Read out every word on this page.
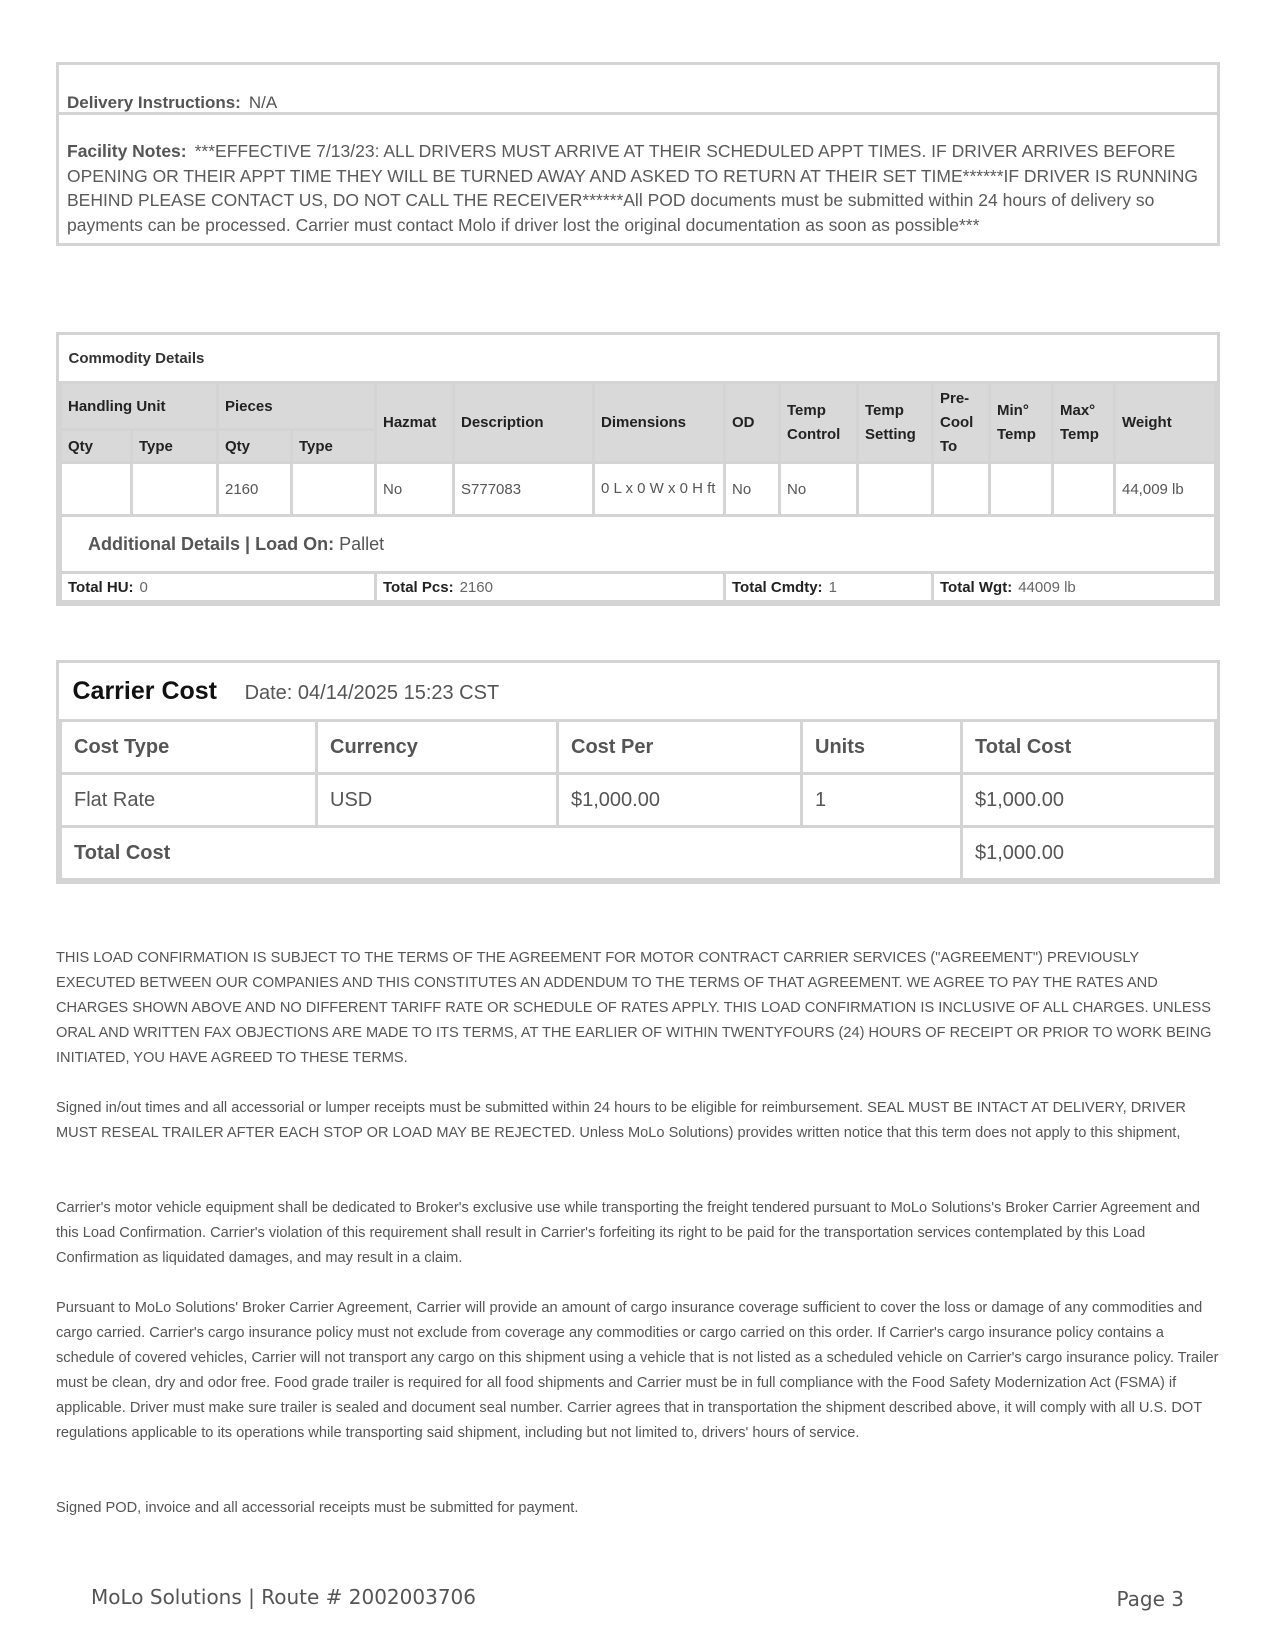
Delivery Instructions: N/A
Facility Notes: ***EFFECTIVE 7/13/23: ALL DRIVERS MUST ARRIVE AT THEIR SCHEDULED APPT TIMES. IF DRIVER ARRIVES BEFORE OPENING OR THEIR APPT TIME THEY WILL BE TURNED AWAY AND ASKED TO RETURN AT THEIR SET TIME******IF DRIVER IS RUNNING BEHIND PLEASE CONTACT US, DO NOT CALL THE RECEIVER******All POD documents must be submitted within 24 hours of delivery so payments can be processed. Carrier must contact Molo if driver lost the original documentation as soon as possible***
Commodity Details													
Handling Unit		Pieces		Hazmat	Description	Dimensions	OD	Temp Control	Temp Setting	Pre-Cool To	Min° Temp	Max° Temp	Weight
Qty	Type	Qty	Type										
		2160		No	S777083	0 L x 0 W x 0 H ft	No	No					44,009 lb
Additional Details | Load On: Pallet													
Total HU: 0				Total Pcs: 2160			Total Cmdty: 1			Total Wgt: 44009 lb			
Carrier Cost Date: 04/14/2025 15:23 CST				
Cost Type	Currency	Cost Per	Units	Total Cost
Flat Rate	USD	$1,000.00	1	$1,000.00
Total Cost				$1,000.00

THIS LOAD CONFIRMATION IS SUBJECT TO THE TERMS OF THE AGREEMENT FOR MOTOR CONTRACT CARRIER SERVICES ("AGREEMENT") PREVIOUSLY EXECUTED BETWEEN OUR COMPANIES AND THIS CONSTITUTES AN ADDENDUM TO THE TERMS OF THAT AGREEMENT. WE AGREE TO PAY THE RATES AND CHARGES SHOWN ABOVE AND NO DIFFERENT TARIFF RATE OR SCHEDULE OF RATES APPLY. THIS LOAD CONFIRMATION IS INCLUSIVE OF ALL CHARGES. UNLESS ORAL AND WRITTEN FAX OBJECTIONS ARE MADE TO ITS TERMS, AT THE EARLIER OF WITHIN TWENTYFOURS (24) HOURS OF RECEIPT OR PRIOR TO WORK BEING INITIATED, YOU HAVE AGREED TO THESE TERMS.

Signed in/out times and all accessorial or lumper receipts must be submitted within 24 hours to be eligible for reimbursement. SEAL MUST BE INTACT AT DELIVERY, DRIVER MUST RESEAL TRAILER AFTER EACH STOP OR LOAD MAY BE REJECTED. Unless MoLo Solutions) provides written notice that this term does not apply to this shipment,

Carrier's motor vehicle equipment shall be dedicated to Broker's exclusive use while transporting the freight tendered pursuant to MoLo Solutions's Broker Carrier Agreement and this Load Confirmation. Carrier's violation of this requirement shall result in Carrier's forfeiting its right to be paid for the transportation services contemplated by this Load Confirmation as liquidated damages, and may result in a claim.

Pursuant to MoLo Solutions' Broker Carrier Agreement, Carrier will provide an amount of cargo insurance coverage sufficient to cover the loss or damage of any commodities and cargo carried. Carrier's cargo insurance policy must not exclude from coverage any commodities or cargo carried on this order. If Carrier's cargo insurance policy contains a schedule of covered vehicles, Carrier will not transport any cargo on this shipment using a vehicle that is not listed as a scheduled vehicle on Carrier's cargo insurance policy. Trailer must be clean, dry and odor free. Food grade trailer is required for all food shipments and Carrier must be in full compliance with the Food Safety Modernization Act (FSMA) if applicable. Driver must make sure trailer is sealed and document seal number. Carrier agrees that in transportation the shipment described above, it will comply with all U.S. DOT regulations applicable to its operations while transporting said shipment, including but not limited to, drivers' hours of service.

Signed POD, invoice and all accessorial receipts must be submitted for payment.

MoLo Solutions | Route # 2002003706	Page 3
